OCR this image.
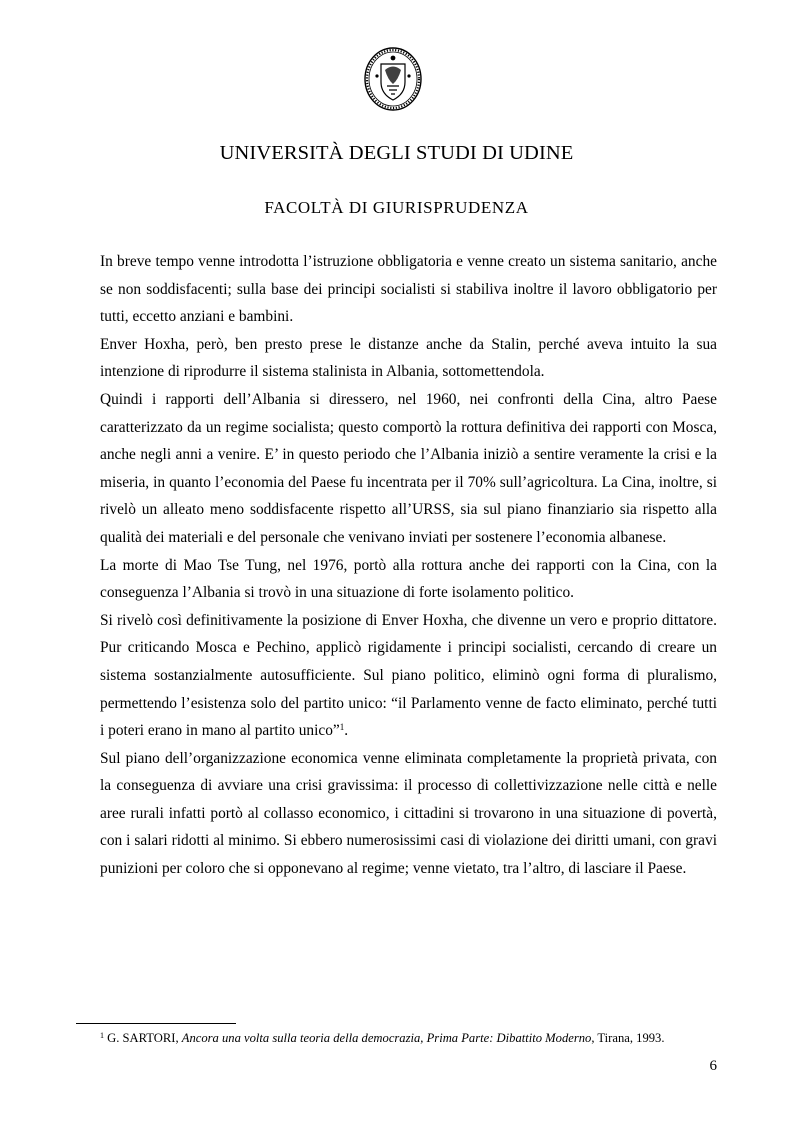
UNIVERSITÀ DEGLI STUDI DI UDINE
FACOLTÀ DI GIURISPRUDENZA

In breve tempo venne introdotta l’istruzione obbligatoria e venne creato un sistema sanitario, anche se non soddisfacenti; sulla base dei principi socialisti si stabiliva inoltre il lavoro obbligatorio per tutti, eccetto anziani e bambini.

Enver Hoxha, però, ben presto prese le distanze anche da Stalin, perché aveva intuito la sua intenzione di riprodurre il sistema stalinista in Albania, sottomettendola.

Quindi i rapporti dell’Albania si diressero, nel 1960, nei confronti della Cina, altro Paese caratterizzato da un regime socialista; questo comportò la rottura definitiva dei rapporti con Mosca, anche negli anni a venire. E’ in questo periodo che l’Albania iniziò a sentire veramente la crisi e la miseria, in quanto l’economia del Paese fu incentrata per il 70% sull’agricoltura. La Cina, inoltre, si rivelò un alleato meno soddisfacente rispetto all’URSS, sia sul piano finanziario sia rispetto alla qualità dei materiali e del personale che venivano inviati per sostenere l’economia albanese.

La morte di Mao Tse Tung, nel 1976, portò alla rottura anche dei rapporti con la Cina, con la conseguenza l’Albania si trovò in una situazione di forte isolamento politico.

Si rivelò così definitivamente la posizione di Enver Hoxha, che divenne un vero e proprio dittatore. Pur criticando Mosca e Pechino, applicò rigidamente i principi socialisti, cercando di creare un sistema sostanzialmente autosufficiente. Sul piano politico, eliminò ogni forma di pluralismo, permettendo l’esistenza solo del partito unico: “il Parlamento venne de facto eliminato, perché tutti i poteri erano in mano al partito unico”$^1$.

Sul piano dell’organizzazione economica venne eliminata completamente la proprietà privata, con la conseguenza di avviare una crisi gravissima: il processo di collettivizzazione nelle città e nelle aree rurali infatti portò al collasso economico, i cittadini si trovarono in una situazione di povertà, con i salari ridotti al minimo. Si ebbero numerosissimi casi di violazione dei diritti umani, con gravi punizioni per coloro che si opponevano al regime; venne vietato, tra l’altro, di lasciare il Paese.

$^1$ G. SARTORI, Ancora una volta sulla teoria della democrazia, Prima Parte: Dibattito Moderno, Tirana, 1993.
6
